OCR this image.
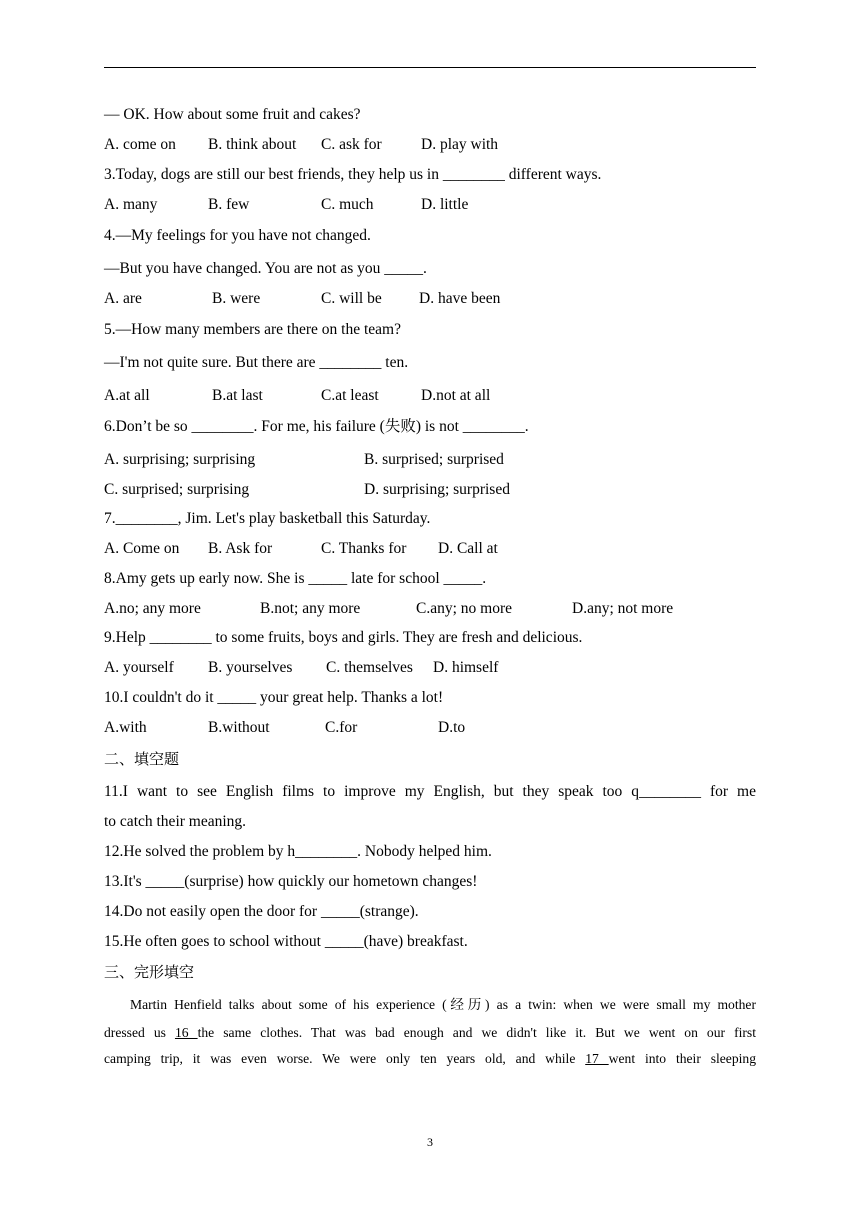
— OK. How about some fruit and cakes?
A. come on B. think about C. ask for	D. play with
3.Today, dogs are still our best friends, they help us in ________ different ways.
A. many	B. few	C. much	D. little
4.—My feelings for you have not changed.
—But you have changed. You are not as you _____.
A. are	B. were	C. will be D. have been
5.—How many members are there on the team?
—I'm not quite sure. But there are ________ ten.
A.at all	B.at last	C.at least	D.not at all
6.Don’t be so ________. For me, his failure (失败) is not ________.
A. surprising; surprising	B. surprised; surprised
C. surprised; surprising	D. surprising; surprised
7.________, Jim. Let's play basketball this Saturday.
A. Come on B. Ask for	C. Thanks for D. Call at
8.Amy gets up early now. She is _____ late for school _____.
A.no; any more	B.not; any more	C.any; no more	D.any; not more
9.Help ________ to some fruits, boys and girls. They are fresh and delicious.
A. yourself B. yourselves C. themselves D. himself
10.I couldn't do it _____ your great help. Thanks a lot!
A.with	B.without	C.for	D.to
二、填空题
11.I want to see English films to improve my English, but they speak too q________ for me
to catch their meaning.
12.He solved the problem by h________. Nobody helped him.
13.It's _____(surprise) how quickly our hometown changes!
14.Do not easily open the door for _____(strange).
15.He often goes to school without _____(have) breakfast.
三、完形填空
Martin Henfield talks about some of his experience (经历) as a twin: when we were small my mother
dressed us 16 the same clothes. That was bad enough and we didn't like it. But we went on our first
camping trip, it was even worse. We were only ten years old, and while 17 went into their sleeping
3
